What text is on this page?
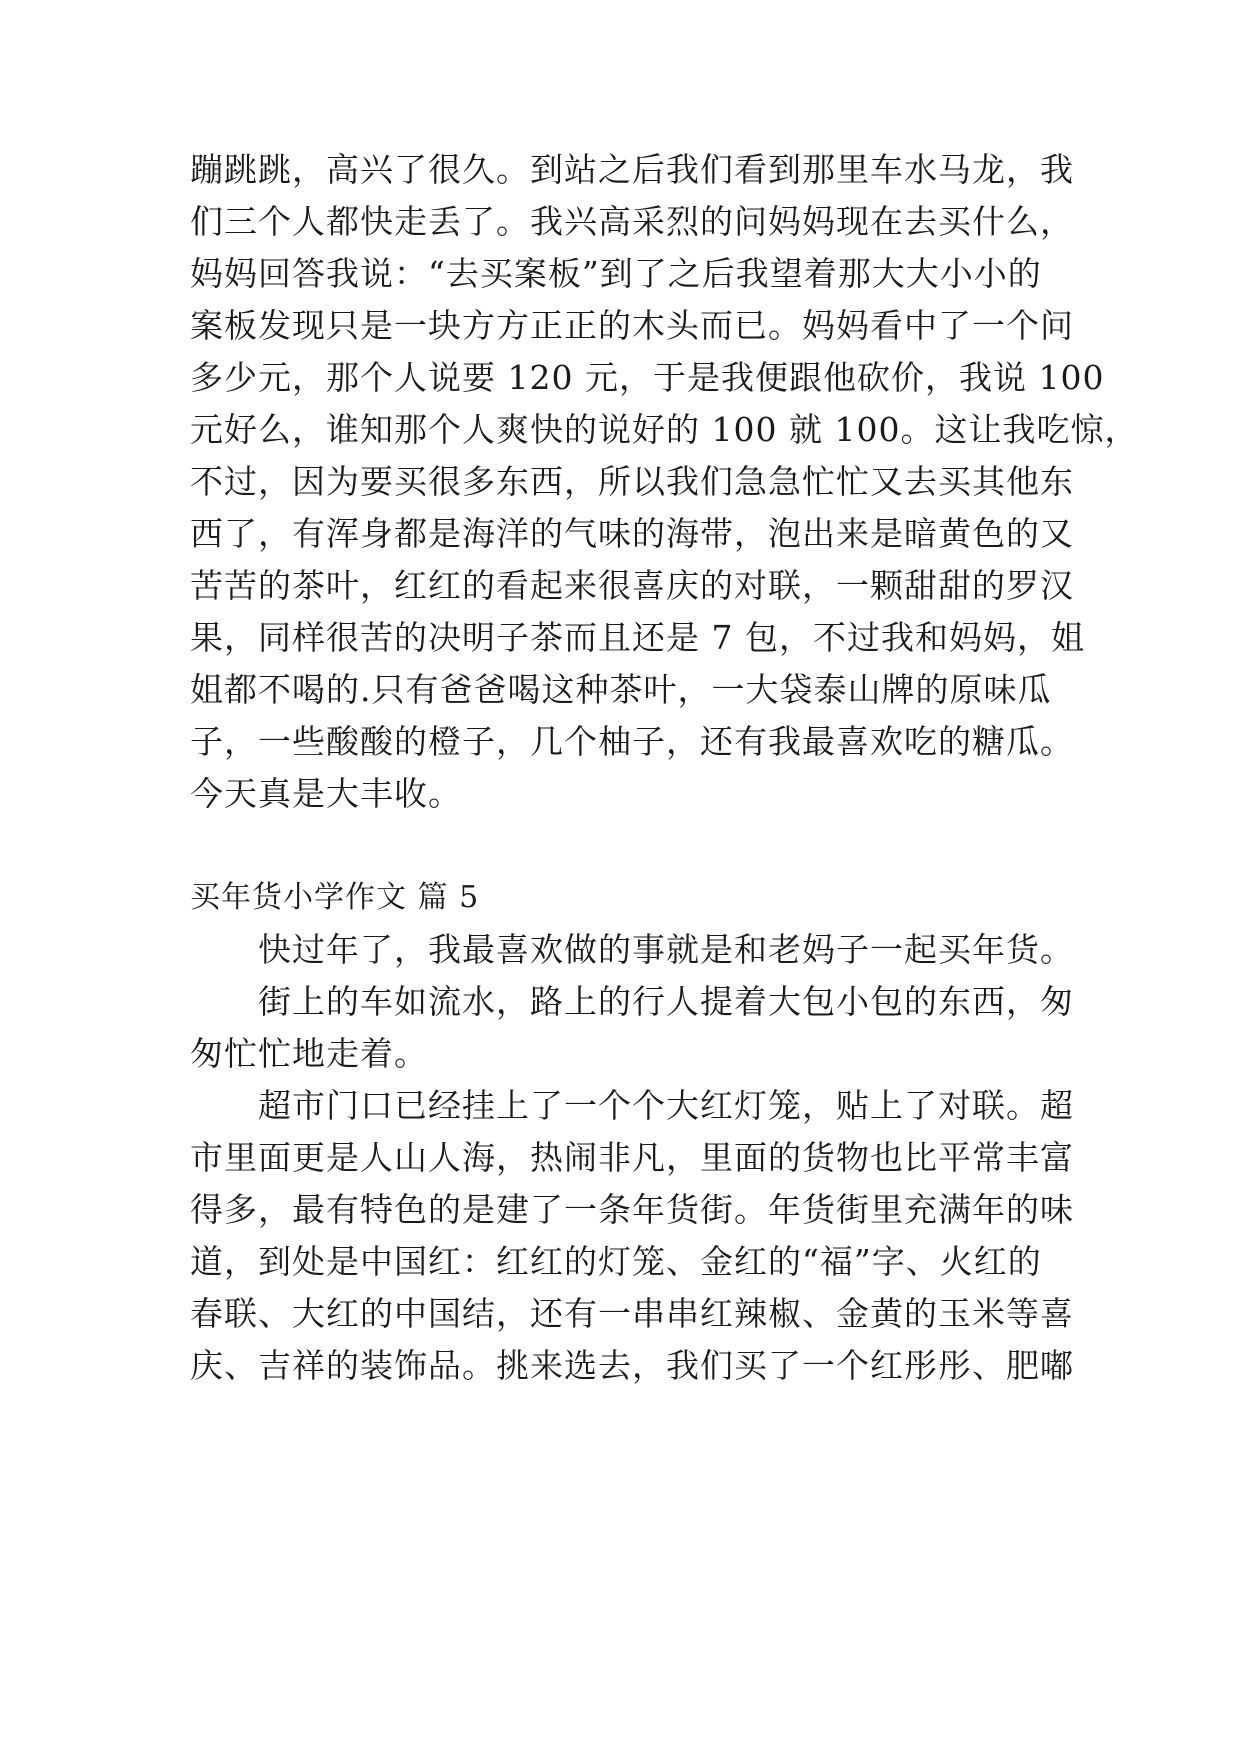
蹦跳跳，高兴了很久。到站之后我们看到那里车水马龙，我
们三个人都快走丢了。我兴高采烈的问妈妈现在去买什么，
妈妈回答我说：“去买案板”到了之后我望着那大大小小的
案板发现只是一块方方正正的木头而已。妈妈看中了一个问
多少元，那个人说要 120 元，于是我便跟他砍价，我说 100
元好么，谁知那个人爽快的说好的 100 就 100。这让我吃惊，
不过，因为要买很多东西，所以我们急急忙忙又去买其他东
西了，有浑身都是海洋的气味的海带，泡出来是暗黄色的又
苦苦的茶叶，红红的看起来很喜庆的对联，一颗甜甜的罗汉
果，同样很苦的决明子茶而且还是 7 包，不过我和妈妈，姐
姐都不喝的.只有爸爸喝这种茶叶，一大袋泰山牌的原味瓜
子，一些酸酸的橙子，几个柚子，还有我最喜欢吃的糖瓜。
今天真是大丰收。
买年货小学作文 篇 5
快过年了，我最喜欢做的事就是和老妈子一起买年货。
街上的车如流水，路上的行人提着大包小包的东西，匆
匆忙忙地走着。
超市门口已经挂上了一个个大红灯笼，贴上了对联。超
市里面更是人山人海，热闹非凡，里面的货物也比平常丰富
得多，最有特色的是建了一条年货街。年货街里充满年的味
道，到处是中国红：红红的灯笼、金红的“福”字、火红的
春联、大红的中国结，还有一串串红辣椒、金黄的玉米等喜
庆、吉祥的装饰品。挑来选去，我们买了一个红彤彤、肥嘟
